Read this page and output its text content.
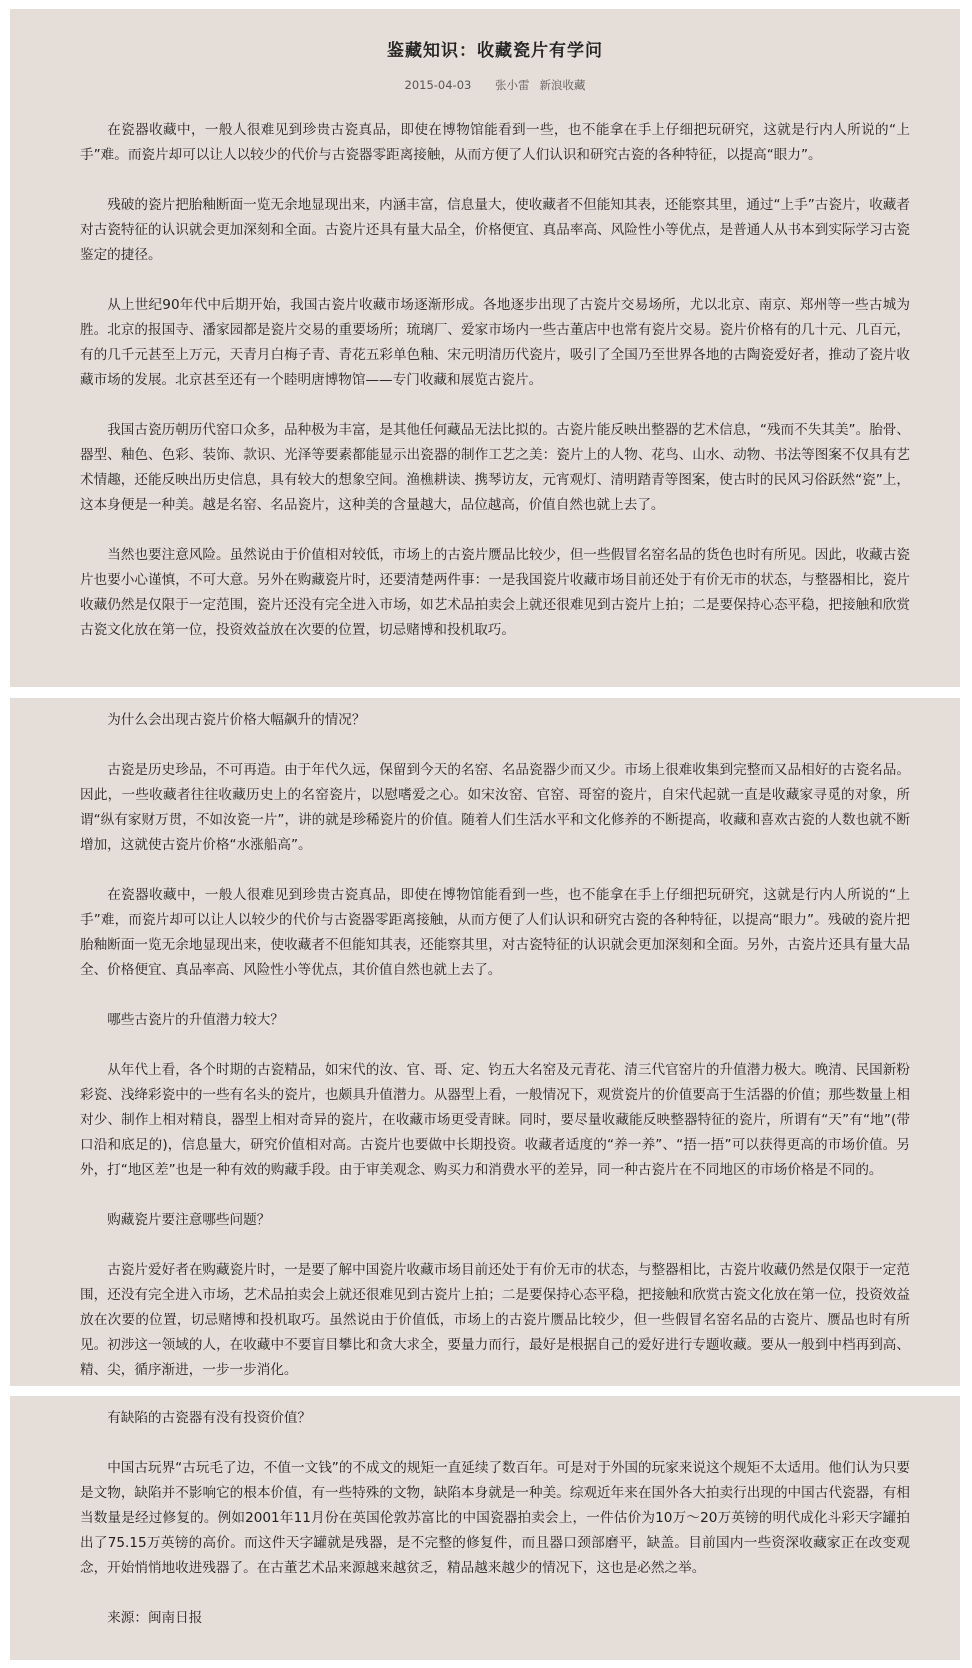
鉴藏知识：收藏瓷片有学问
2015-04-03 张小雷 新浪收藏

在瓷器收藏中，一般人很难见到珍贵古瓷真品，即使在博物馆能看到一些，也不能拿在手上仔细把玩研究，这就是行内人所说的“上手”难。而瓷片却可以让人以较少的代价与古瓷器零距离接触，从而方便了人们认识和研究古瓷的各种特征，以提高“眼力”。

残破的瓷片把胎釉断面一览无余地显现出来，内涵丰富，信息量大，使收藏者不但能知其表，还能察其里，通过“上手”古瓷片，收藏者对古瓷特征的认识就会更加深刻和全面。古瓷片还具有量大品全，价格便宜、真品率高、风险性小等优点，是普通人从书本到实际学习古瓷鉴定的捷径。

从上世纪90年代中后期开始，我国古瓷片收藏市场逐渐形成。各地逐步出现了古瓷片交易场所，尤以北京、南京、郑州等一些古城为胜。北京的报国寺、潘家园都是瓷片交易的重要场所；琉璃厂、爱家市场内一些古董店中也常有瓷片交易。瓷片价格有的几十元、几百元，有的几千元甚至上万元，天青月白梅子青、青花五彩单色釉、宋元明清历代瓷片，吸引了全国乃至世界各地的古陶瓷爱好者，推动了瓷片收藏市场的发展。北京甚至还有一个睦明唐博物馆——专门收藏和展览古瓷片。

我国古瓷历朝历代窑口众多，品种极为丰富，是其他任何藏品无法比拟的。古瓷片能反映出整器的艺术信息，“残而不失其美”。胎骨、器型、釉色、色彩、装饰、款识、光泽等要素都能显示出瓷器的制作工艺之美：瓷片上的人物、花鸟、山水、动物、书法等图案不仅具有艺术情趣，还能反映出历史信息，具有较大的想象空间。渔樵耕读、携琴访友，元宵观灯、清明踏青等图案，使古时的民风习俗跃然“瓷”上，这本身便是一种美。越是名窑、名品瓷片，这种美的含量越大，品位越高，价值自然也就上去了。

当然也要注意风险。虽然说由于价值相对较低，市场上的古瓷片赝品比较少，但一些假冒名窑名品的货色也时有所见。因此，收藏古瓷片也要小心谨慎，不可大意。另外在购藏瓷片时，还要清楚两件事：一是我国瓷片收藏市场目前还处于有价无市的状态，与整器相比，瓷片收藏仍然是仅限于一定范围，瓷片还没有完全进入市场，如艺术品拍卖会上就还很难见到古瓷片上拍；二是要保持心态平稳，把接触和欣赏古瓷文化放在第一位，投资效益放在次要的位置，切忌赌博和投机取巧。

为什么会出现古瓷片价格大幅飙升的情况？

古瓷是历史珍品，不可再造。由于年代久远，保留到今天的名窑、名品瓷器少而又少。市场上很难收集到完整而又品相好的古瓷名品。因此，一些收藏者往往收藏历史上的名窑瓷片，以慰嗜爱之心。如宋汝窑、官窑、哥窑的瓷片，自宋代起就一直是收藏家寻觅的对象，所谓“纵有家财万贯，不如汝瓷一片”，讲的就是珍稀瓷片的价值。随着人们生活水平和文化修养的不断提高，收藏和喜欢古瓷的人数也就不断增加，这就使古瓷片价格“水涨船高”。

在瓷器收藏中，一般人很难见到珍贵古瓷真品，即使在博物馆能看到一些，也不能拿在手上仔细把玩研究，这就是行内人所说的“上手”难，而瓷片却可以让人以较少的代价与古瓷器零距离接触，从而方便了人们认识和研究古瓷的各种特征，以提高“眼力”。残破的瓷片把胎釉断面一览无余地显现出来，使收藏者不但能知其表，还能察其里，对古瓷特征的认识就会更加深刻和全面。另外，古瓷片还具有量大品全、价格便宜、真品率高、风险性小等优点，其价值自然也就上去了。

哪些古瓷片的升值潜力较大？

从年代上看，各个时期的古瓷精品，如宋代的汝、官、哥、定、钧五大名窑及元青花、清三代官窑片的升值潜力极大。晚清、民国新粉彩瓷、浅绛彩瓷中的一些有名头的瓷片，也颇具升值潜力。从器型上看，一般情况下，观赏瓷片的价值要高于生活器的价值；那些数量上相对少、制作上相对精良，器型上相对奇异的瓷片，在收藏市场更受青睐。同时，要尽量收藏能反映整器特征的瓷片，所谓有“天”有“地”(带口沿和底足的)，信息量大，研究价值相对高。古瓷片也要做中长期投资。收藏者适度的“养一养”、“捂一捂”可以获得更高的市场价值。另外，打“地区差”也是一种有效的购藏手段。由于审美观念、购买力和消费水平的差异，同一种古瓷片在不同地区的市场价格是不同的。

购藏瓷片要注意哪些问题？

古瓷片爱好者在购藏瓷片时，一是要了解中国瓷片收藏市场目前还处于有价无市的状态，与整器相比，古瓷片收藏仍然是仅限于一定范围，还没有完全进入市场，艺术品拍卖会上就还很难见到古瓷片上拍；二是要保持心态平稳，把接触和欣赏古瓷文化放在第一位，投资效益放在次要的位置，切忌赌博和投机取巧。虽然说由于价值低，市场上的古瓷片赝品比较少，但一些假冒名窑名品的古瓷片、赝品也时有所见。初涉这一领域的人，在收藏中不要盲目攀比和贪大求全，要量力而行，最好是根据自己的爱好进行专题收藏。要从一般到中档再到高、精、尖，循序渐进，一步一步消化。

有缺陷的古瓷器有没有投资价值？

中国古玩界“古玩毛了边，不值一文钱”的不成文的规矩一直延续了数百年。可是对于外国的玩家来说这个规矩不太适用。他们认为只要是文物，缺陷并不影响它的根本价值，有一些特殊的文物，缺陷本身就是一种美。综观近年来在国外各大拍卖行出现的中国古代瓷器，有相当数量是经过修复的。例如2001年11月份在英国伦敦苏富比的中国瓷器拍卖会上，一件估价为10万～20万英镑的明代成化斗彩天字罐拍出了75.15万英镑的高价。而这件天字罐就是残器，是不完整的修复件，而且器口颈部磨平，缺盖。目前国内一些资深收藏家正在改变观念，开始悄悄地收进残器了。在古董艺术品来源越来越贫乏，精品越来越少的情况下，这也是必然之举。

来源：闽南日报
